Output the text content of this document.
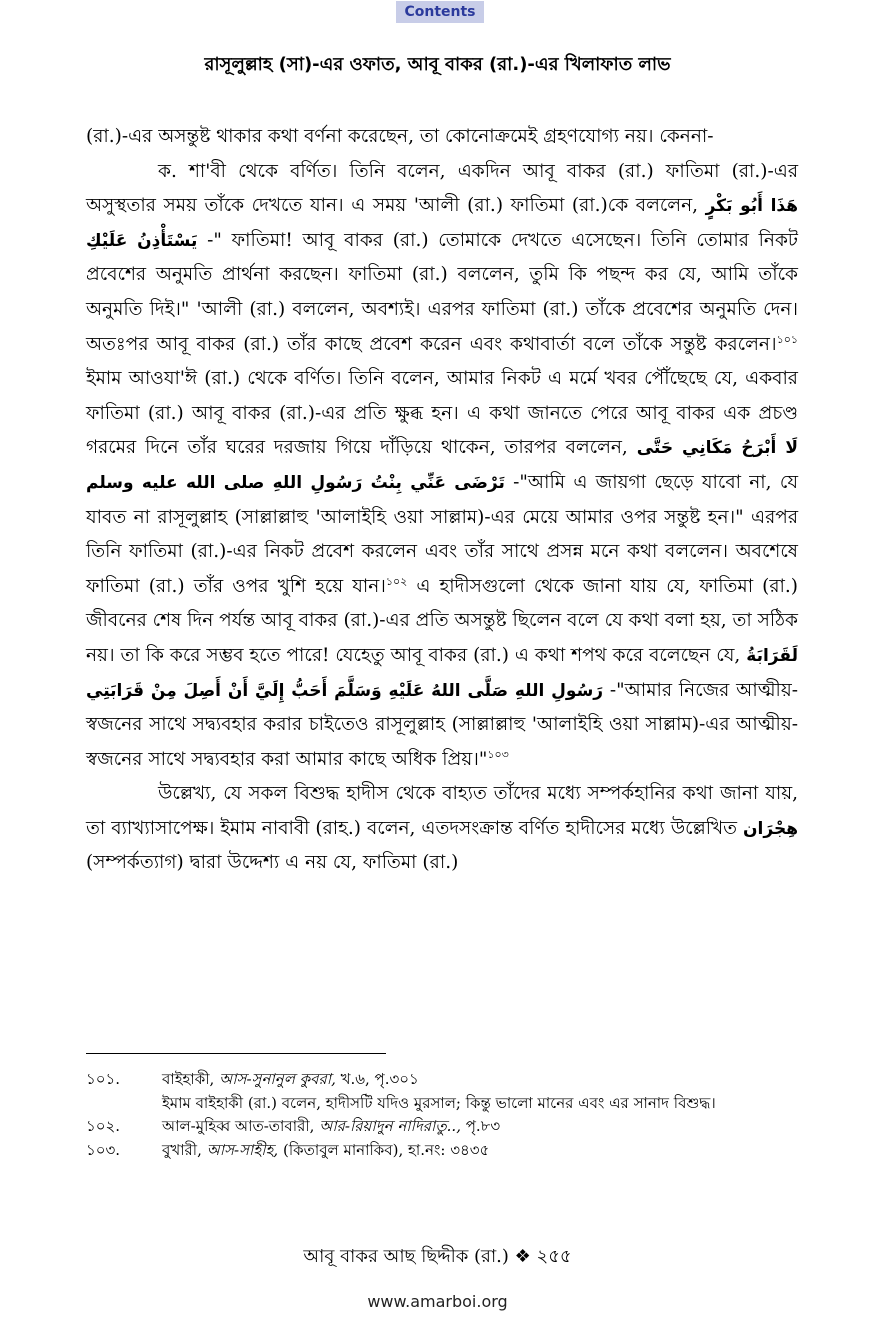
Contents
রাসূলুল্লাহ (সা)-এর ওফাত, আবূ বাকর (রা.)-এর খিলাফাত লাভ

(রা.)-এর অসন্তুষ্ট থাকার কথা বর্ণনা করেছেন, তা কোনোক্রমেই গ্রহণযোগ্য নয়। কেননা-

ক. শা'বী থেকে বর্ণিত। তিনি বলেন, একদিন আবূ বাকর (রা.) ফাতিমা (রা.)-এর অসুস্থতার সময় তাঁকে দেখতে যান। এ সময় 'আলী (রা.) ফাতিমা (রা.)কে বললেন, هَذَا أَبُو بَكْرٍ يَسْتَأْذِنُ عَلَيْكِ -" ফাতিমা! আবূ বাকর (রা.) তোমাকে দেখতে এসেছেন। তিনি তোমার নিকট প্রবেশের অনুমতি প্রার্থনা করছেন। ফাতিমা (রা.) বললেন, তুমি কি পছন্দ কর যে, আমি তাঁকে অনুমতি দিই।" 'আলী (রা.) বললেন, অবশ্যই। এরপর ফাতিমা (রা.) তাঁকে প্রবেশের অনুমতি দেন। অতঃপর আবূ বাকর (রা.) তাঁর কাছে প্রবেশ করেন এবং কথাবার্তা বলে তাঁকে সন্তুষ্ট করলেন।$^{১০১}$ ইমাম আওযা'ঈ (রা.) থেকে বর্ণিত। তিনি বলেন, আমার নিকট এ মর্মে খবর পৌঁছেছে যে, একবার ফাতিমা (রা.) আবূ বাকর (রা.)-এর প্রতি ক্ষুব্ধ হন। এ কথা জানতে পেরে আবূ বাকর এক প্রচণ্ড গরমের দিনে তাঁর ঘরের দরজায় গিয়ে দাঁড়িয়ে থাকেন, তারপর বললেন, لَا أَبْرَحُ مَكَانِي حَتَّى تَرْضَى عَنِّي بِنْتُ رَسُولِ اللهِ صلى الله عليه وسلم -"আমি এ জায়গা ছেড়ে যাবো না, যে যাবত না রাসূলুল্লাহ (সাল্লাল্লাহু 'আলাইহি ওয়া সাল্লাম)-এর মেয়ে আমার ওপর সন্তুষ্ট হন।" এরপর তিনি ফাতিমা (রা.)-এর নিকট প্রবেশ করলেন এবং তাঁর সাথে প্রসন্ন মনে কথা বললেন। অবশেষে ফাতিমা (রা.) তাঁর ওপর খুশি হয়ে যান।$^{১০২}$ এ হাদীসগুলো থেকে জানা যায় যে, ফাতিমা (রা.) জীবনের শেষ দিন পর্যন্ত আবূ বাকর (রা.)-এর প্রতি অসন্তুষ্ট ছিলেন বলে যে কথা বলা হয়, তা সঠিক নয়। তা কি করে সম্ভব হতে পারে! যেহেতু আবূ বাকর (রা.) এ কথা শপথ করে বলেছেন যে, لَقَرَابَةُ رَسُولِ اللهِ صَلَّى اللهُ عَلَيْهِ وَسَلَّمَ أَحَبُّ إِلَيَّ أَنْ أَصِلَ مِنْ قَرَابَتِي -"আমার নিজের আত্মীয়-স্বজনের সাথে সদ্ব্যবহার করার চাইতেও রাসূলুল্লাহ (সাল্লাল্লাহু 'আলাইহি ওয়া সাল্লাম)-এর আত্মীয়-স্বজনের সাথে সদ্ব্যবহার করা আমার কাছে অধিক প্রিয়।"$^{১০৩}$

উল্লেখ্য, যে সকল বিশুদ্ধ হাদীস থেকে বাহ্যত তাঁদের মধ্যে সম্পর্কহানির কথা জানা যায়, তা ব্যাখ্যাসাপেক্ষ। ইমাম নাবাবী (রাহ.) বলেন, এতদসংক্রান্ত বর্ণিত হাদীসের মধ্যে উল্লেখিত هِجْرَان (সম্পর্কত্যাগ) দ্বারা উদ্দেশ্য এ নয় যে, ফাতিমা (রা.)

১০১.	বাইহাকী, আস-সুনানুল কুবরা, খ.৬, পৃ.৩০১
ইমাম বাইহাকী (রা.) বলেন, হাদীসটি যদিও মুরসাল; কিন্তু ভালো মানের এবং এর সানাদ বিশুদ্ধ।
১০২.	আল-মুহিব্ব আত-তাবারী, আর-রিয়াদুন নাদিরাতু.., পৃ.৮৩
১০৩.	বুখারী, আস-সাহীহ, (কিতাবুল মানাকিব), হা.নং: ৩৪৩৫
আবূ বাকর আছ ছিদ্দীক (রা.) ❖ ২৫৫
www.amarboi.org
